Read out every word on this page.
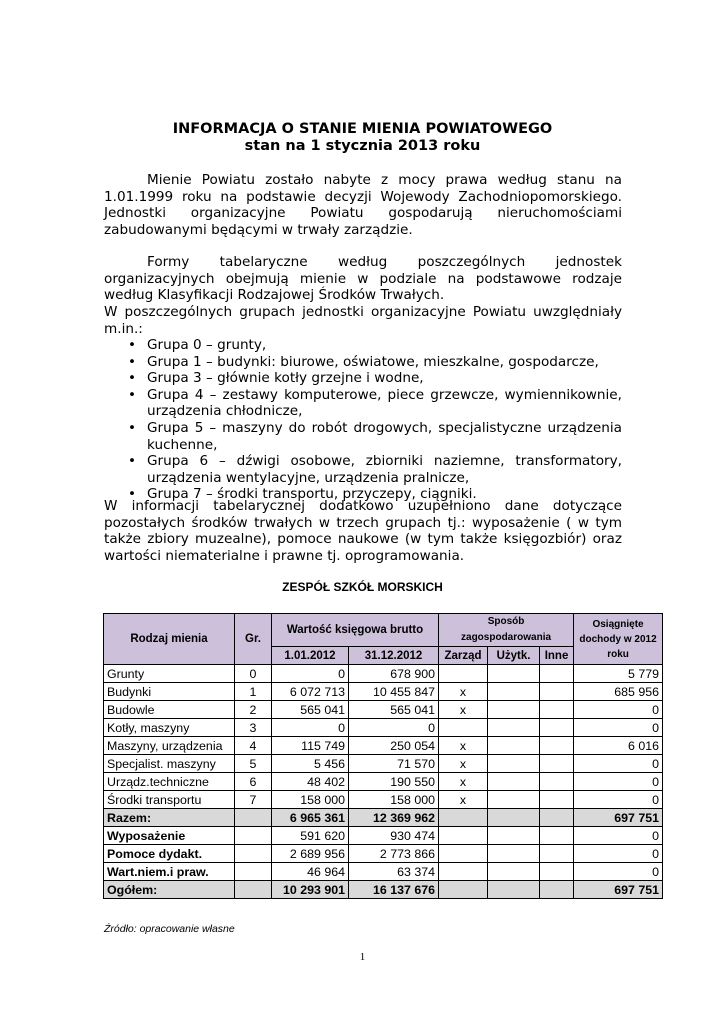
INFORMACJA O STANIE MIENIA POWIATOWEGO
stan na 1 stycznia 2013 roku
Mienie Powiatu zostało nabyte z mocy prawa według stanu na 1.01.1999 roku na podstawie decyzji Wojewody Zachodniopomorskiego. Jednostki organizacyjne Powiatu gospodarują nieruchomościami zabudowanymi będącymi w trwały zarządzie.
Formy tabelaryczne według poszczególnych jednostek organizacyjnych obejmują mienie w podziale na podstawowe rodzaje według Klasyfikacji Rodzajowej Środków Trwałych.
W poszczególnych grupach jednostki organizacyjne Powiatu uwzględniały m.in.:
• Grupa 0 – grunty,
• Grupa 1 – budynki: biurowe, oświatowe, mieszkalne, gospodarcze,
• Grupa 3 – głównie kotły grzejne i wodne,
• Grupa 4 – zestawy komputerowe, piece grzewcze, wymiennikownie, urządzenia chłodnicze,
• Grupa 5 – maszyny do robót drogowych, specjalistyczne urządzenia kuchenne,
• Grupa 6 – dźwigi osobowe, zbiorniki naziemne, transformatory, urządzenia wentylacyjne, urządzenia pralnicze,
• Grupa 7 – środki transportu, przyczepy, ciągniki.
W informacji tabelarycznej dodatkowo uzupełniono dane dotyczące pozostałych środków trwałych w trzech grupach tj.: wyposażenie ( w tym także zbiory muzealne), pomoce naukowe (w tym także księgozbiór) oraz wartości niematerialne i prawne tj. oprogramowania.
ZESPÓŁ SZKÓŁ MORSKICH
Rodzaj mienia	Gr.	Wartość księgowa brutto		Sposób zagospodarowania			Osiągnięte dochody w 2012 roku
		1.01.2012	31.12.2012	Zarząd	Użytk.	Inne	
Grunty	0	0	678 900				5 779
Budynki	1	6 072 713	10 455 847	x			685 956
Budowle	2	565 041	565 041	x			0
Kotły, maszyny	3	0	0				0
Maszyny, urządzenia	4	115 749	250 054	x			6 016
Specjalist. maszyny	5	5 456	71 570	x			0
Urządz.techniczne	6	48 402	190 550	x			0
Środki transportu	7	158 000	158 000	x			0
Razem:		6 965 361	12 369 962				697 751
Wyposażenie		591 620	930 474				0
Pomoce dydakt.		2 689 956	2 773 866				0
Wart.niem.i praw.		46 964	63 374				0
Ogółem:		10 293 901	16 137 676				697 751
Źródło: opracowanie własne
1
